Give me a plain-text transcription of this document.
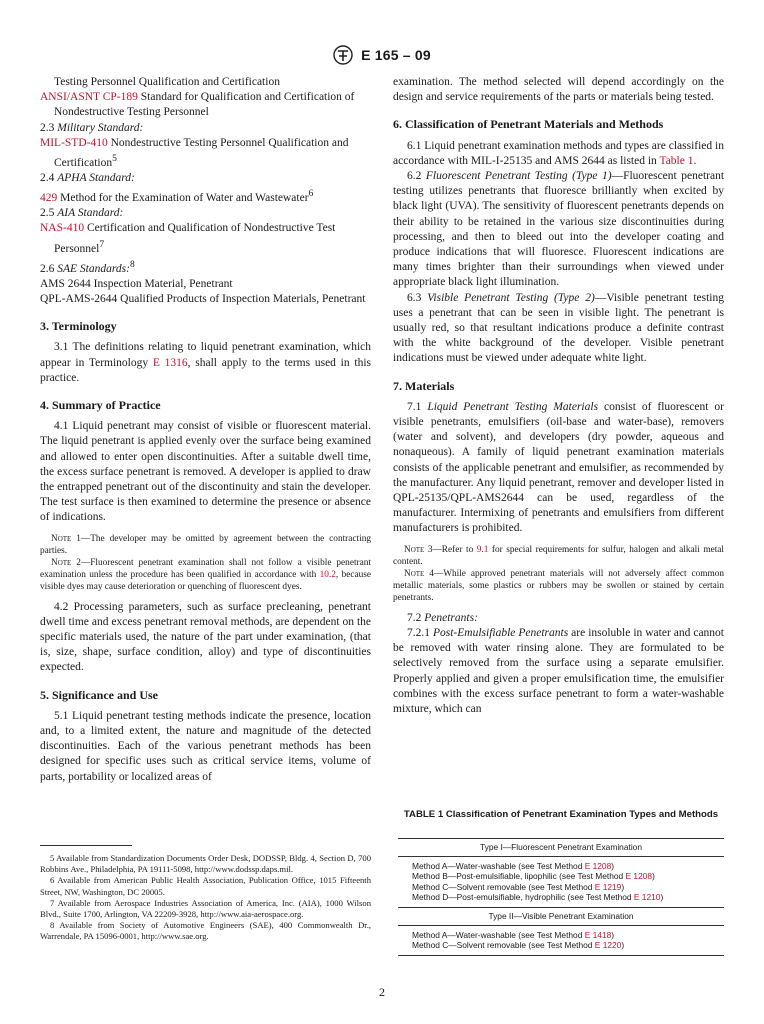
E 165 – 09

Testing Personnel Qualification and Certification

ANSI/ASNT CP-189 Standard for Qualification and Certification of Nondestructive Testing Personnel

2.3 Military Standard:

MIL-STD-410 Nondestructive Testing Personnel Qualification and Certification$^5$

2.4 APHA Standard:

429 Method for the Examination of Water and Wastewater$^6$

2.5 AIA Standard:

NAS-410 Certification and Qualification of Nondestructive Test Personnel$^7$

2.6 SAE Standards:$^8$

AMS 2644 Inspection Material, Penetrant

QPL-AMS-2644 Qualified Products of Inspection Materials, Penetrant

3. Terminology

3.1 The definitions relating to liquid penetrant examination, which appear in Terminology E 1316, shall apply to the terms used in this practice.

4. Summary of Practice

4.1 Liquid penetrant may consist of visible or fluorescent material. The liquid penetrant is applied evenly over the surface being examined and allowed to enter open discontinuities. After a suitable dwell time, the excess surface penetrant is removed. A developer is applied to draw the entrapped penetrant out of the discontinuity and stain the developer. The test surface is then examined to determine the presence or absence of indications.

Note 1—The developer may be omitted by agreement between the contracting parties.

Note 2—Fluorescent penetrant examination shall not follow a visible penetrant examination unless the procedure has been qualified in accordance with 10.2, because visible dyes may cause deterioration or quenching of fluorescent dyes.

4.2 Processing parameters, such as surface precleaning, penetrant dwell time and excess penetrant removal methods, are dependent on the specific materials used, the nature of the part under examination, (that is, size, shape, surface condition, alloy) and type of discontinuities expected.

5. Significance and Use

5.1 Liquid penetrant testing methods indicate the presence, location and, to a limited extent, the nature and magnitude of the detected discontinuities. Each of the various penetrant methods has been designed for specific uses such as critical service items, volume of parts, portability or localized areas of

5 Available from Standardization Documents Order Desk, DODSSP, Bldg. 4, Section D, 700 Robbins Ave., Philadelphia, PA 19111-5098, http://www.dodssp.daps.mil.

6 Available from American Public Health Association, Publication Office, 1015 Fifteenth Street, NW, Washington, DC 20005.

7 Available from Aerospace Industries Association of America, Inc. (AIA), 1000 Wilson Blvd., Suite 1700, Arlington, VA 22209-3928, http://www.aia-aerospace.org.

8 Available from Society of Automotive Engineers (SAE), 400 Commonwealth Dr., Warrendale, PA 15096-0001, http://www.sae.org.

examination. The method selected will depend accordingly on the design and service requirements of the parts or materials being tested.

6. Classification of Penetrant Materials and Methods

6.1 Liquid penetrant examination methods and types are classified in accordance with MIL-I-25135 and AMS 2644 as listed in Table 1.

6.2 Fluorescent Penetrant Testing (Type 1)—Fluorescent penetrant testing utilizes penetrants that fluoresce brilliantly when excited by black light (UVA). The sensitivity of fluorescent penetrants depends on their ability to be retained in the various size discontinuities during processing, and then to bleed out into the developer coating and produce indications that will fluoresce. Fluorescent indications are many times brighter than their surroundings when viewed under appropriate black light illumination.

6.3 Visible Penetrant Testing (Type 2)—Visible penetrant testing uses a penetrant that can be seen in visible light. The penetrant is usually red, so that resultant indications produce a definite contrast with the white background of the developer. Visible penetrant indications must be viewed under adequate white light.

7. Materials

7.1 Liquid Penetrant Testing Materials consist of fluorescent or visible penetrants, emulsifiers (oil-base and water-base), removers (water and solvent), and developers (dry powder, aqueous and nonaqueous). A family of liquid penetrant examination materials consists of the applicable penetrant and emulsifier, as recommended by the manufacturer. Any liquid penetrant, remover and developer listed in QPL-25135/QPL-AMS2644 can be used, regardless of the manufacturer. Intermixing of penetrants and emulsifiers from different manufacturers is prohibited.

Note 3—Refer to 9.1 for special requirements for sulfur, halogen and alkali metal content.

Note 4—While approved penetrant materials will not adversely affect common metallic materials, some plastics or rubbers may be swollen or stained by certain penetrants.

7.2 Penetrants:

7.2.1 Post-Emulsifiable Penetrants are insoluble in water and cannot be removed with water rinsing alone. They are formulated to be selectively removed from the surface using a separate emulsifier. Properly applied and given a proper emulsification time, the emulsifier combines with the excess surface penetrant to form a water-washable mixture, which can

TABLE 1 Classification of Penetrant Examination Types and Methods
Type I—Fluorescent Penetrant Examination
Method A—Water-washable (see Test Method E 1208)
Method B—Post-emulsifiable, lipophilic (see Test Method E 1208)
Method C—Solvent removable (see Test Method E 1219)
Method D—Post-emulsifiable, hydrophilic (see Test Method E 1210)
Type II—Visible Penetrant Examination
Method A—Water-washable (see Test Method E 1418)
Method C—Solvent removable (see Test Method E 1220)
2
